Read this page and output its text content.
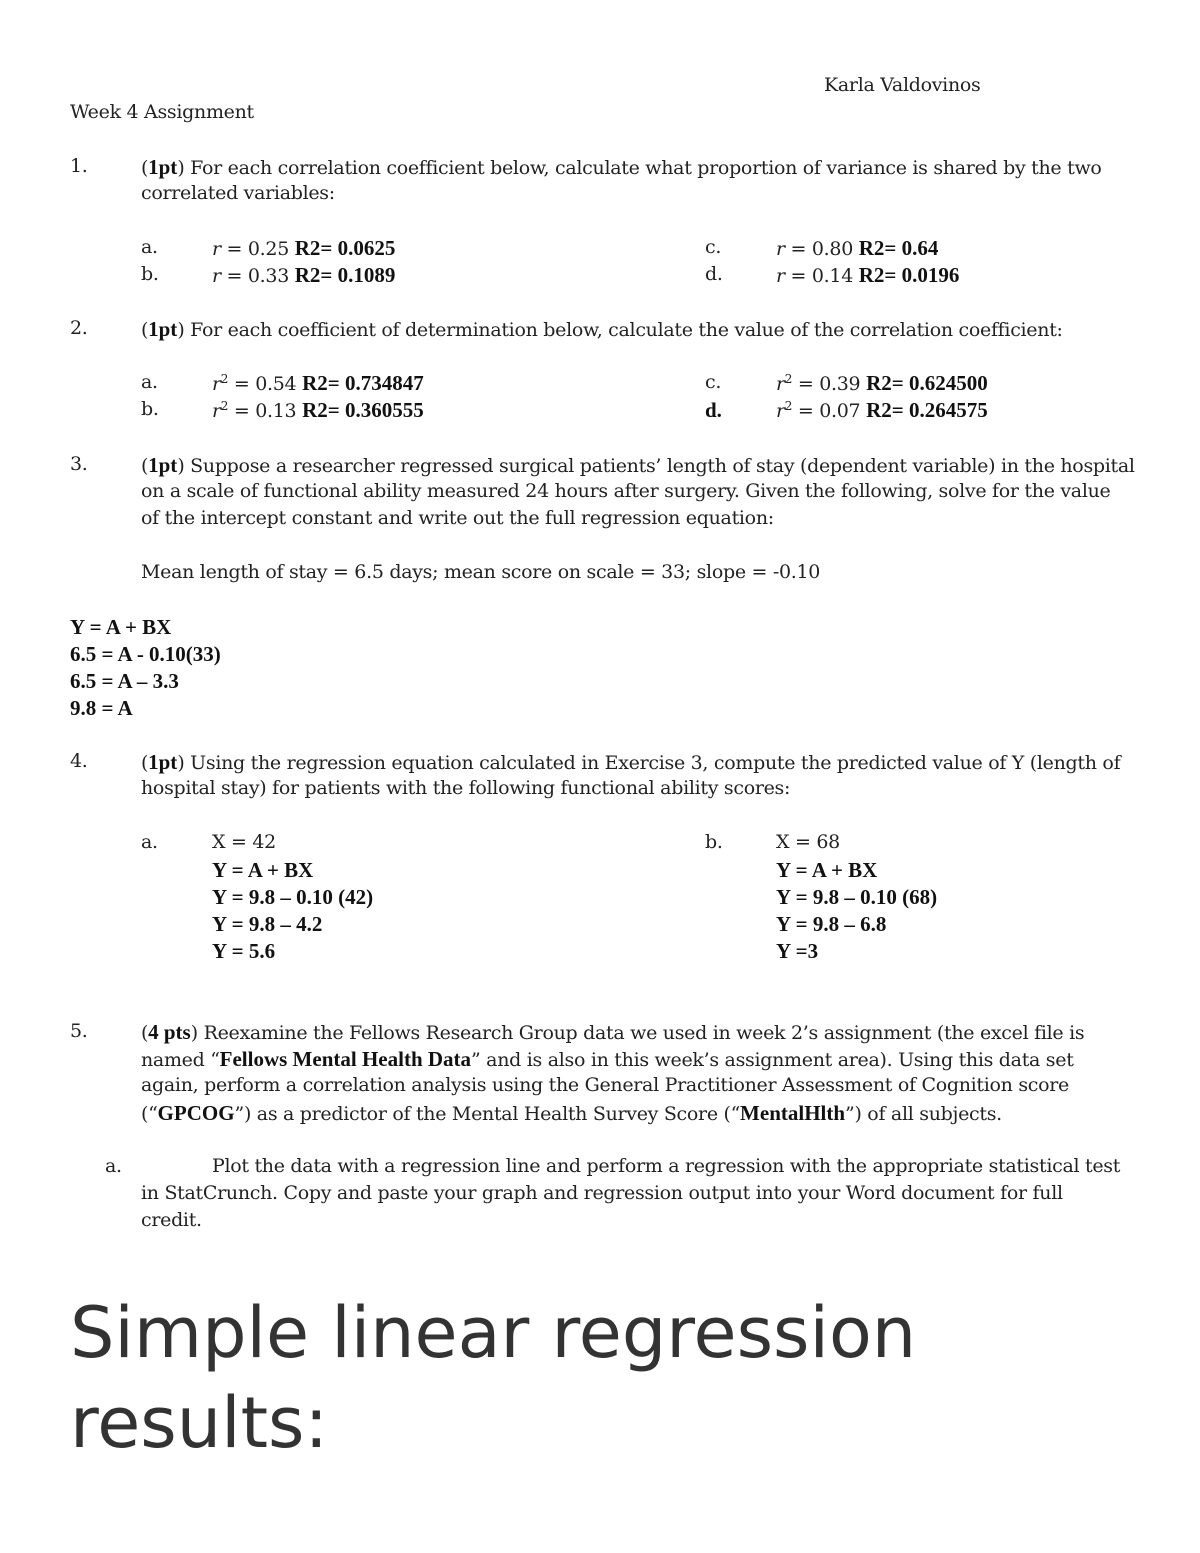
Karla Valdovinos
Week 4 Assignment
1.	(1pt) For each correlation coefficient below, calculate what proportion of variance is shared by the two
correlated variables:
a.	r = 0.25 R2= 0.0625
b.	r = 0.33 R2= 0.1089
c.	r = 0.80 R2= 0.64
d.	r = 0.14 R2= 0.0196
2.	(1pt) For each coefficient of determination below, calculate the value of the correlation coefficient:
a.	$r^2 = 0.54$ R2= 0.734847
b.	$r^2 = 0.13$ R2= 0.360555
c.	$r^2 = 0.39$ R2= 0.624500
d.	$r^2 = 0.07$ R2= 0.264575
3.	(1pt) Suppose a researcher regressed surgical patients’ length of stay (dependent variable) in the hospital
on a scale of functional ability measured 24 hours after surgery. Given the following, solve for the value
of the intercept constant and write out the full regression equation:
Mean length of stay = 6.5 days; mean score on scale = 33; slope = -0.10
Y = A + BX
6.5 = A - 0.10(33)
6.5 = A – 3.3
9.8 = A
4.	(1pt) Using the regression equation calculated in Exercise 3, compute the predicted value of Y (length of
hospital stay) for patients with the following functional ability scores:
a.	X = 42
Y = A + BX
Y = 9.8 – 0.10 (42)
Y = 9.8 – 4.2
Y = 5.6
b.	X = 68
Y = A + BX
Y = 9.8 – 0.10 (68)
Y = 9.8 – 6.8
Y =3
5.	(4 pts) Reexamine the Fellows Research Group data we used in week 2’s assignment (the excel file is
named “Fellows Mental Health Data” and is also in this week’s assignment area). Using this data set
again, perform a correlation analysis using the General Practitioner Assessment of Cognition score
(“GPCOG”) as a predictor of the Mental Health Survey Score (“MentalHlth”) of all subjects.
a.	Plot the data with a regression line and perform a regression with the appropriate statistical test
in StatCrunch. Copy and paste your graph and regression output into your Word document for full
credit.
Simple linear regression results:
